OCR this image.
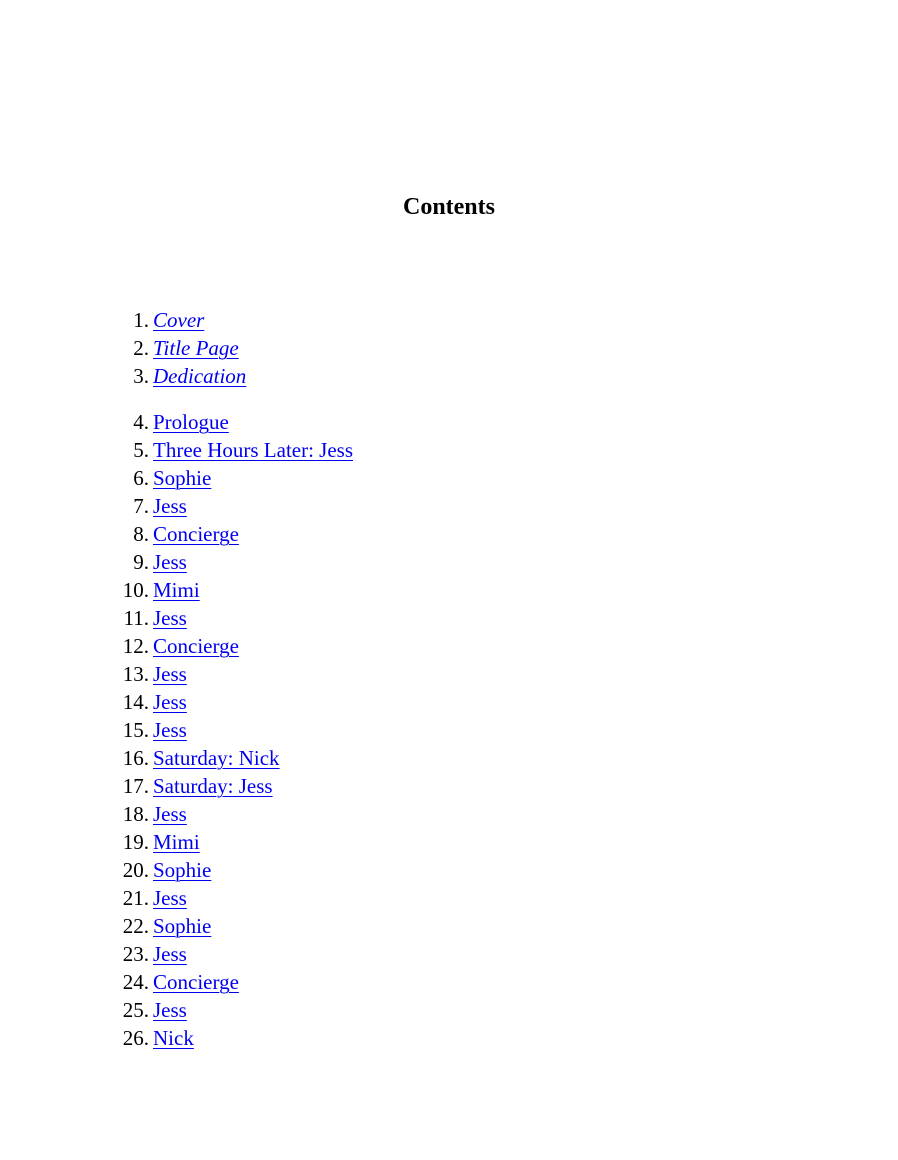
Contents
1. Cover
2. Title Page
3. Dedication
4. Prologue
5. Three Hours Later: Jess
6. Sophie
7. Jess
8. Concierge
9. Jess
10. Mimi
11. Jess
12. Concierge
13. Jess
14. Jess
15. Jess
16. Saturday: Nick
17. Saturday: Jess
18. Jess
19. Mimi
20. Sophie
21. Jess
22. Sophie
23. Jess
24. Concierge
25. Jess
26. Nick
